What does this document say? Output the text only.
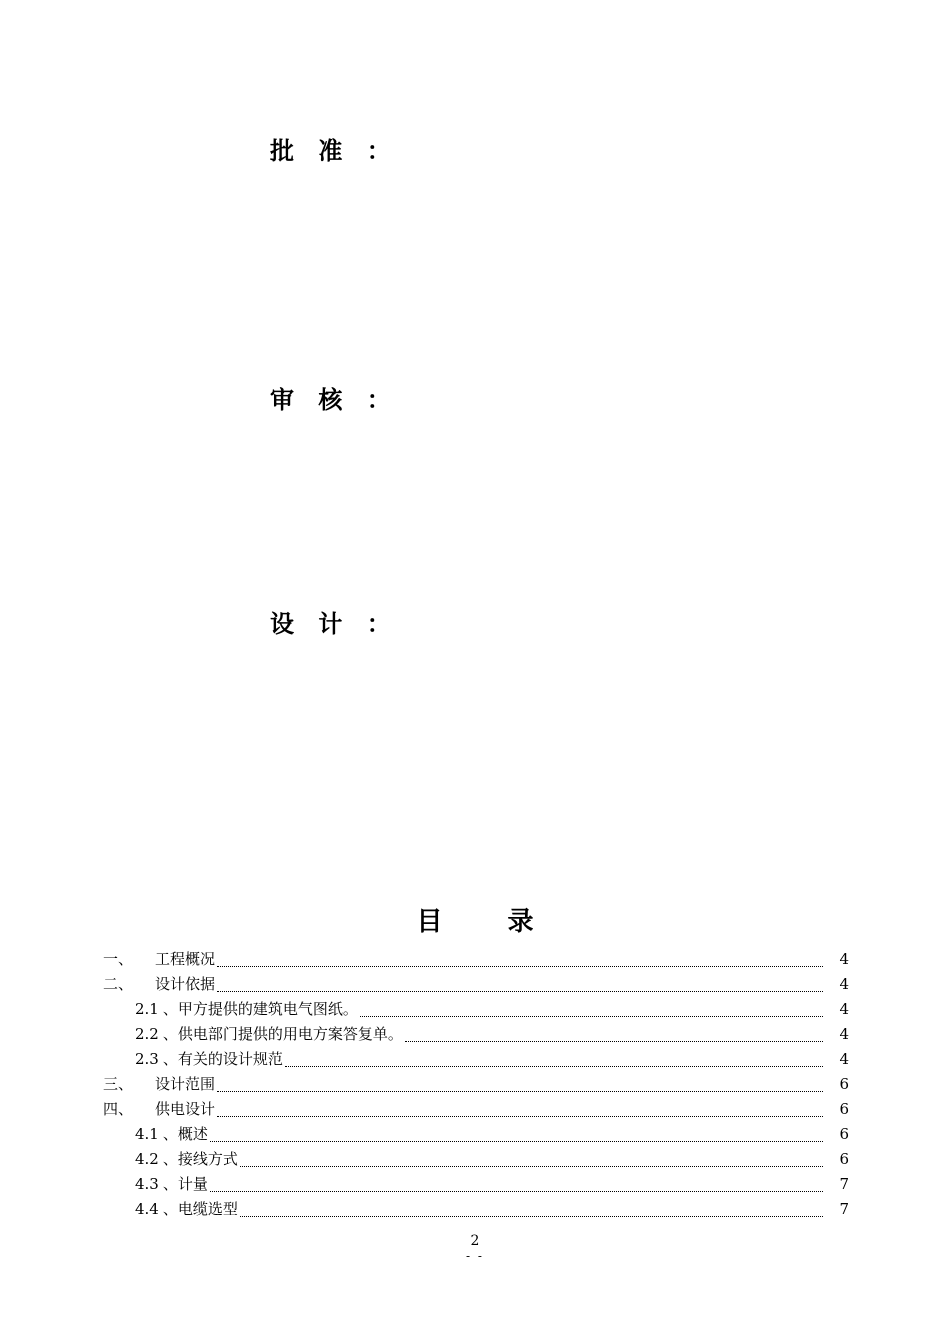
批 准 ：
审 核 ：
设 计 ：
目 录
一、	工程概况	4
二、	设计依据	4
2.1 、甲方提供的建筑电气图纸。	4
2.2 、供电部门提供的用电方案答复单。	4
2.3 、有关的设计规范	4
三、	设计范围	6
四、	供电设计	6
4.1 、概述	6
4.2 、接线方式	6
4.3 、计量	7
4.4 、电缆选型	7
2
- -
